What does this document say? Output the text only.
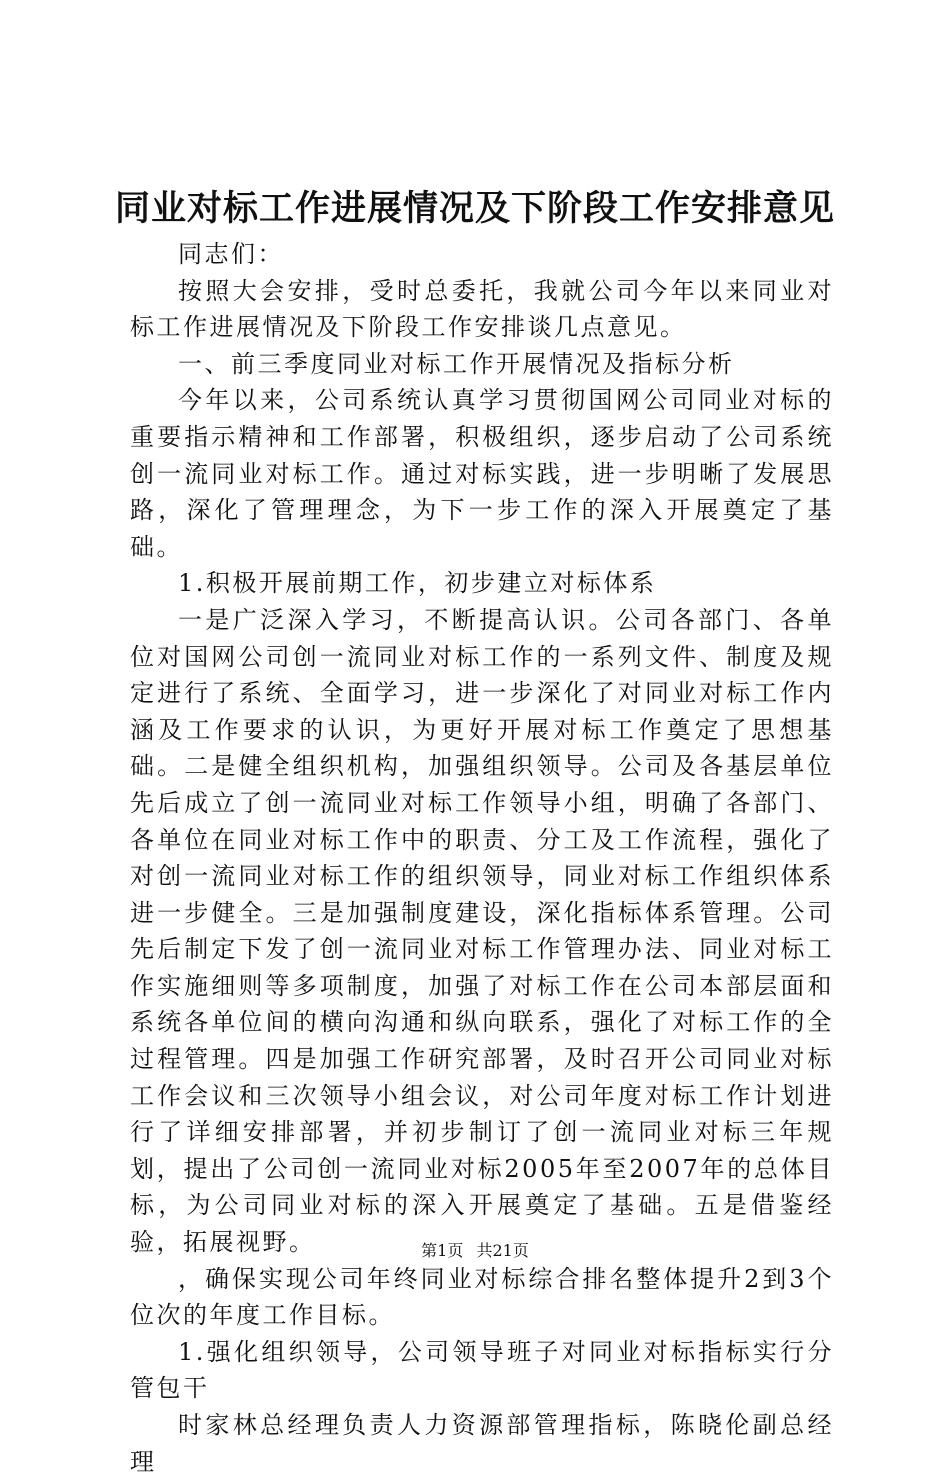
同业对标工作进展情况及下阶段工作安排意见

同志们：

按照大会安排，受时总委托，我就公司今年以来同业对标工作进展情况及下阶段工作安排谈几点意见。

一、前三季度同业对标工作开展情况及指标分析

今年以来，公司系统认真学习贯彻国网公司同业对标的重要指示精神和工作部署，积极组织，逐步启动了公司系统创一流同业对标工作。通过对标实践，进一步明晰了发展思路，深化了管理理念，为下一步工作的深入开展奠定了基础。

1.积极开展前期工作，初步建立对标体系

一是广泛深入学习，不断提高认识。公司各部门、各单位对国网公司创一流同业对标工作的一系列文件、制度及规定进行了系统、全面学习，进一步深化了对同业对标工作内涵及工作要求的认识，为更好开展对标工作奠定了思想基础。二是健全组织机构，加强组织领导。公司及各基层单位先后成立了创一流同业对标工作领导小组，明确了各部门、各单位在同业对标工作中的职责、分工及工作流程，强化了对创一流同业对标工作的组织领导，同业对标工作组织体系进一步健全。三是加强制度建设，深化指标体系管理。公司先后制定下发了创一流同业对标工作管理办法、同业对标工作实施细则等多项制度，加强了对标工作在公司本部层面和系统各单位间的横向沟通和纵向联系，强化了对标工作的全过程管理。四是加强工作研究部署，及时召开公司同业对标工作会议和三次领导小组会议，对公司年度对标工作计划进行了详细安排部署，并初步制订了创一流同业对标三年规划，提出了公司创一流同业对标2005年至2007年的总体目标，为公司同业对标的深入开展奠定了基础。五是借鉴经验，拓展视野。

，确保实现公司年终同业对标综合排名整体提升2到3个位次的年度工作目标。

1.强化组织领导，公司领导班子对同业对标指标实行分管包干

时家林总经理负责人力资源部管理指标，陈晓伦副总经理

第1页 共21页
